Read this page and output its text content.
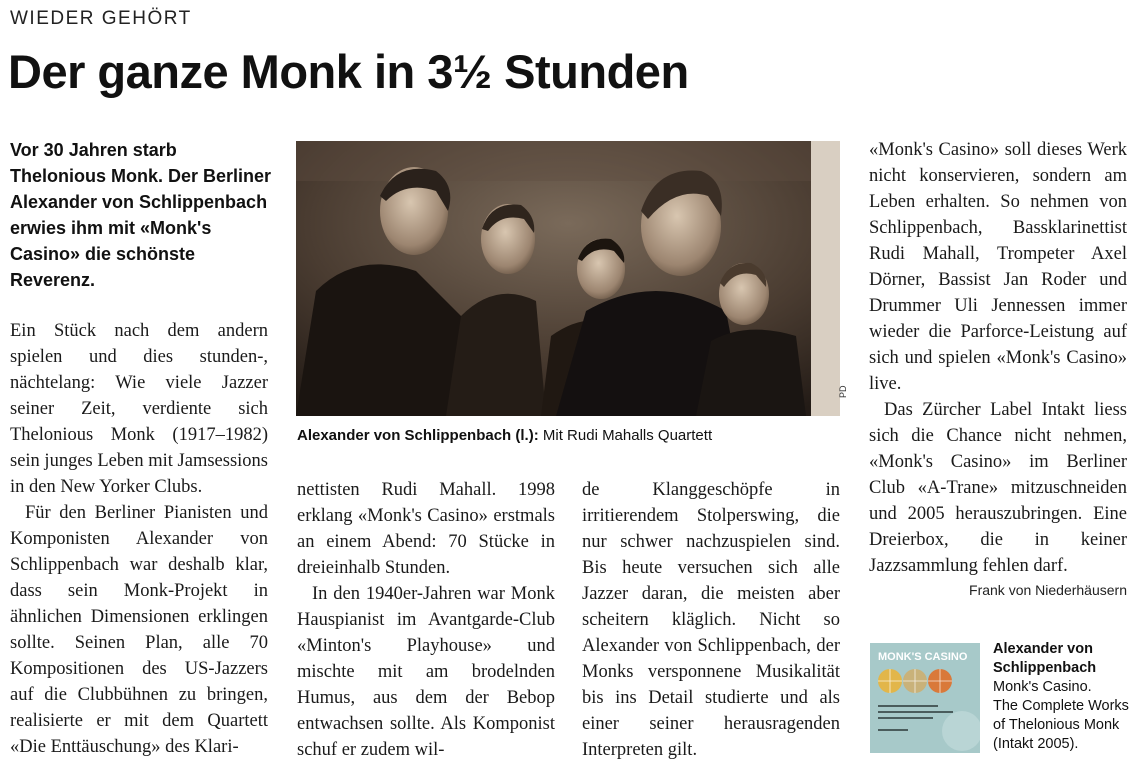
WIEDER GEHÖRT
Der ganze Monk in 3½ Stunden
Vor 30 Jahren starb Thelonious Monk. Der Berliner Alexander von Schlippenbach erwies ihm mit «Monk's Casino» die schönste Reverenz.

Ein Stück nach dem andern spielen und dies stunden-, nächtelang: Wie viele Jazzer seiner Zeit, verdiente sich Thelonious Monk (1917–1982) sein junges Leben mit Jamsessions in den New Yorker Clubs.

Für den Berliner Pianisten und Komponisten Alexander von Schlippenbach war deshalb klar, dass sein Monk-Projekt in ähnlichen Dimensionen erklingen sollte. Seinen Plan, alle 70 Kompositionen des US-Jazzers auf die Clubbühnen zu bringen, realisierte er mit dem Quartett «Die Enttäuschung» des Klari-

PD
Alexander von Schlippenbach (l.): Mit Rudi Mahalls Quartett

nettisten Rudi Mahall. 1998 erklang «Monk's Casino» erstmals an einem Abend: 70 Stücke in dreieinhalb Stunden.

In den 1940er-Jahren war Monk Hauspianist im Avantgarde-Club «Minton's Playhouse» und mischte mit am brodelnden Humus, aus dem der Bebop entwachsen sollte. Als Komponist schuf er zudem wil-

de Klanggeschöpfe in irritierendem Stolperswing, die nur schwer nachzuspielen sind. Bis heute versuchen sich alle Jazzer daran, die meisten aber scheitern kläglich. Nicht so Alexander von Schlippenbach, der Monks versponnene Musikalität bis ins Detail studierte und als einer seiner herausragenden Interpreten gilt.

«Monk's Casino» soll dieses Werk nicht konservieren, sondern am Leben erhalten. So nehmen von Schlippenbach, Bassklarinettist Rudi Mahall, Trompeter Axel Dörner, Bassist Jan Roder und Drummer Uli Jennessen immer wieder die Parforce-Leistung auf sich und spielen «Monk's Casino» live.

Das Zürcher Label Intakt liess sich die Chance nicht nehmen, «Monk's Casino» im Berliner Club «A-Trane» mitzuschneiden und 2005 herauszubringen. Eine Dreierbox, die in keiner Jazzsammlung fehlen darf.

Frank von Niederhäusern
MONK'S CASINO Alexander von Schlippenbach
Monk's Casino.
The Complete Works of Thelonious Monk
(Intakt 2005).
